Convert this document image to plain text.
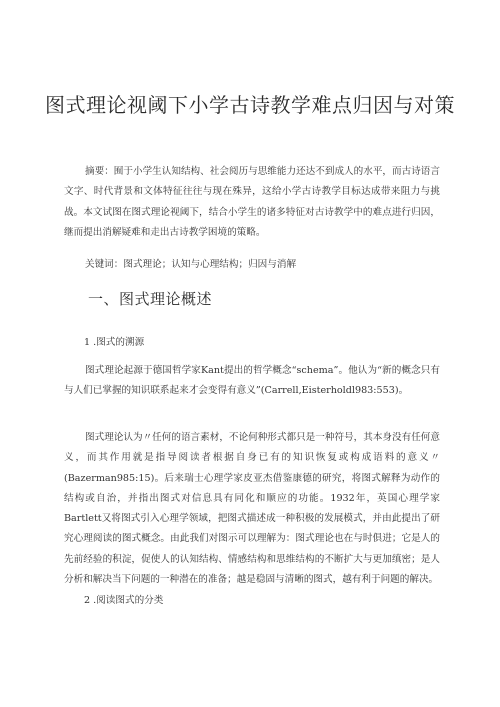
图式理论视阈下小学古诗教学难点归因与对策

摘要：囿于小学生认知结构、社会阅历与思维能力还达不到成人的水平，而古诗语言文字、时代背景和文体特征往往与现在殊异，这给小学古诗教学目标达成带来阻力与挑战。本文试图在图式理论视阈下，结合小学生的诸多特征对古诗教学中的难点进行归因，继而提出消解疑难和走出古诗教学困境的策略。

关键词：图式理论；认知与心理结构；归因与消解
一、图式理论概述
1 .图式的溯源

图式理论起源于德国哲学家Kant提出的哲学概念“schema”。他认为“新的概念只有与人们已掌握的知识联系起来才会变得有意义”(Carrell,Eisterholdl983:553)。

图式理论认为〃任何的语言素材，不论何种形式都只是一种符号，其本身没有任何意义，而其作用就是指导阅读者根据自身已有的知识恢复或构成语料的意义〃(Bazerman985:15)。后来瑞士心理学家皮亚杰借鉴康德的研究，将图式解释为动作的结构或自治，并指出图式对信息具有同化和顺应的功能。1932年，英国心理学家Bartlett又将图式引入心理学领域，把图式描述成一种积极的发展模式，并由此提出了研究心理阅读的图式概念。由此我们对图示可以理解为：图式理论也在与时俱进；它是人的先前经验的积淀，促使人的认知结构、情感结构和思维结构的不断扩大与更加缜密；是人分析和解决当下问题的一种潜在的准备；越是稳固与清晰的图式，越有利于问题的解决。

2 .阅读图式的分类
